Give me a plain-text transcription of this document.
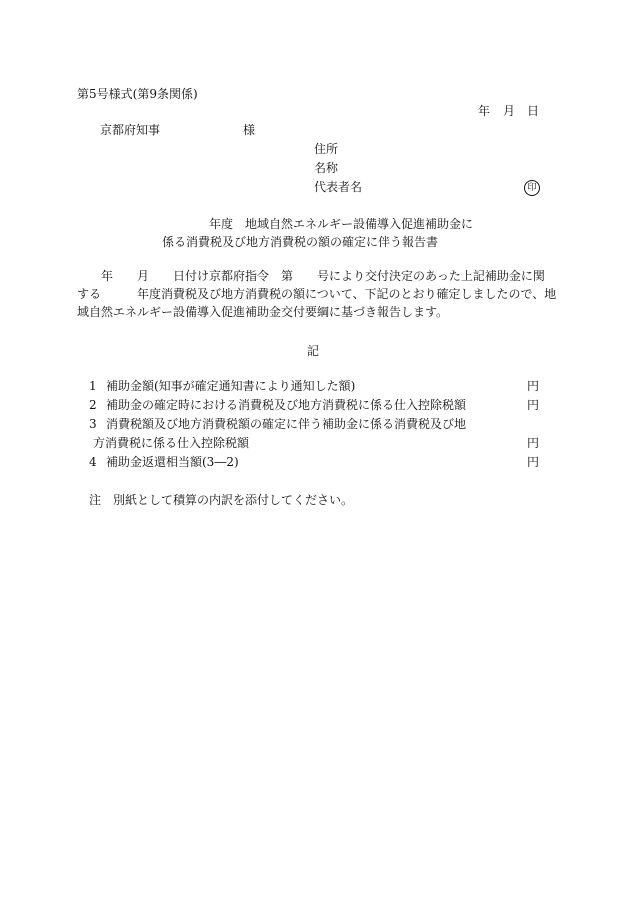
第5号様式(第9条関係)
年 月 日
京都府知事	様
住所
名称
代表者名	印
年度　地域自然エネルギー設備導入促進補助金に
係る消費税及び地方消費税の額の確定に伴う報告書
　　年　　月　　日付け京都府指令　第　　号により交付決定のあった上記補助金に関
する　　　年度消費税及び地方消費税の額について、下記のとおり確定しましたので、地
域自然エネルギー設備導入促進補助金交付要綱に基づき報告します。
記
1 補助金額(知事が確定通知書により通知した額)	円
2 補助金の確定時における消費税及び地方消費税に係る仕入控除税額	円
3 消費税額及び地方消費税額の確定に伴う補助金に係る消費税及び地
方消費税に係る仕入控除税額	円
4 補助金返還相当額(3―2)	円
注 別紙として積算の内訳を添付してください。
